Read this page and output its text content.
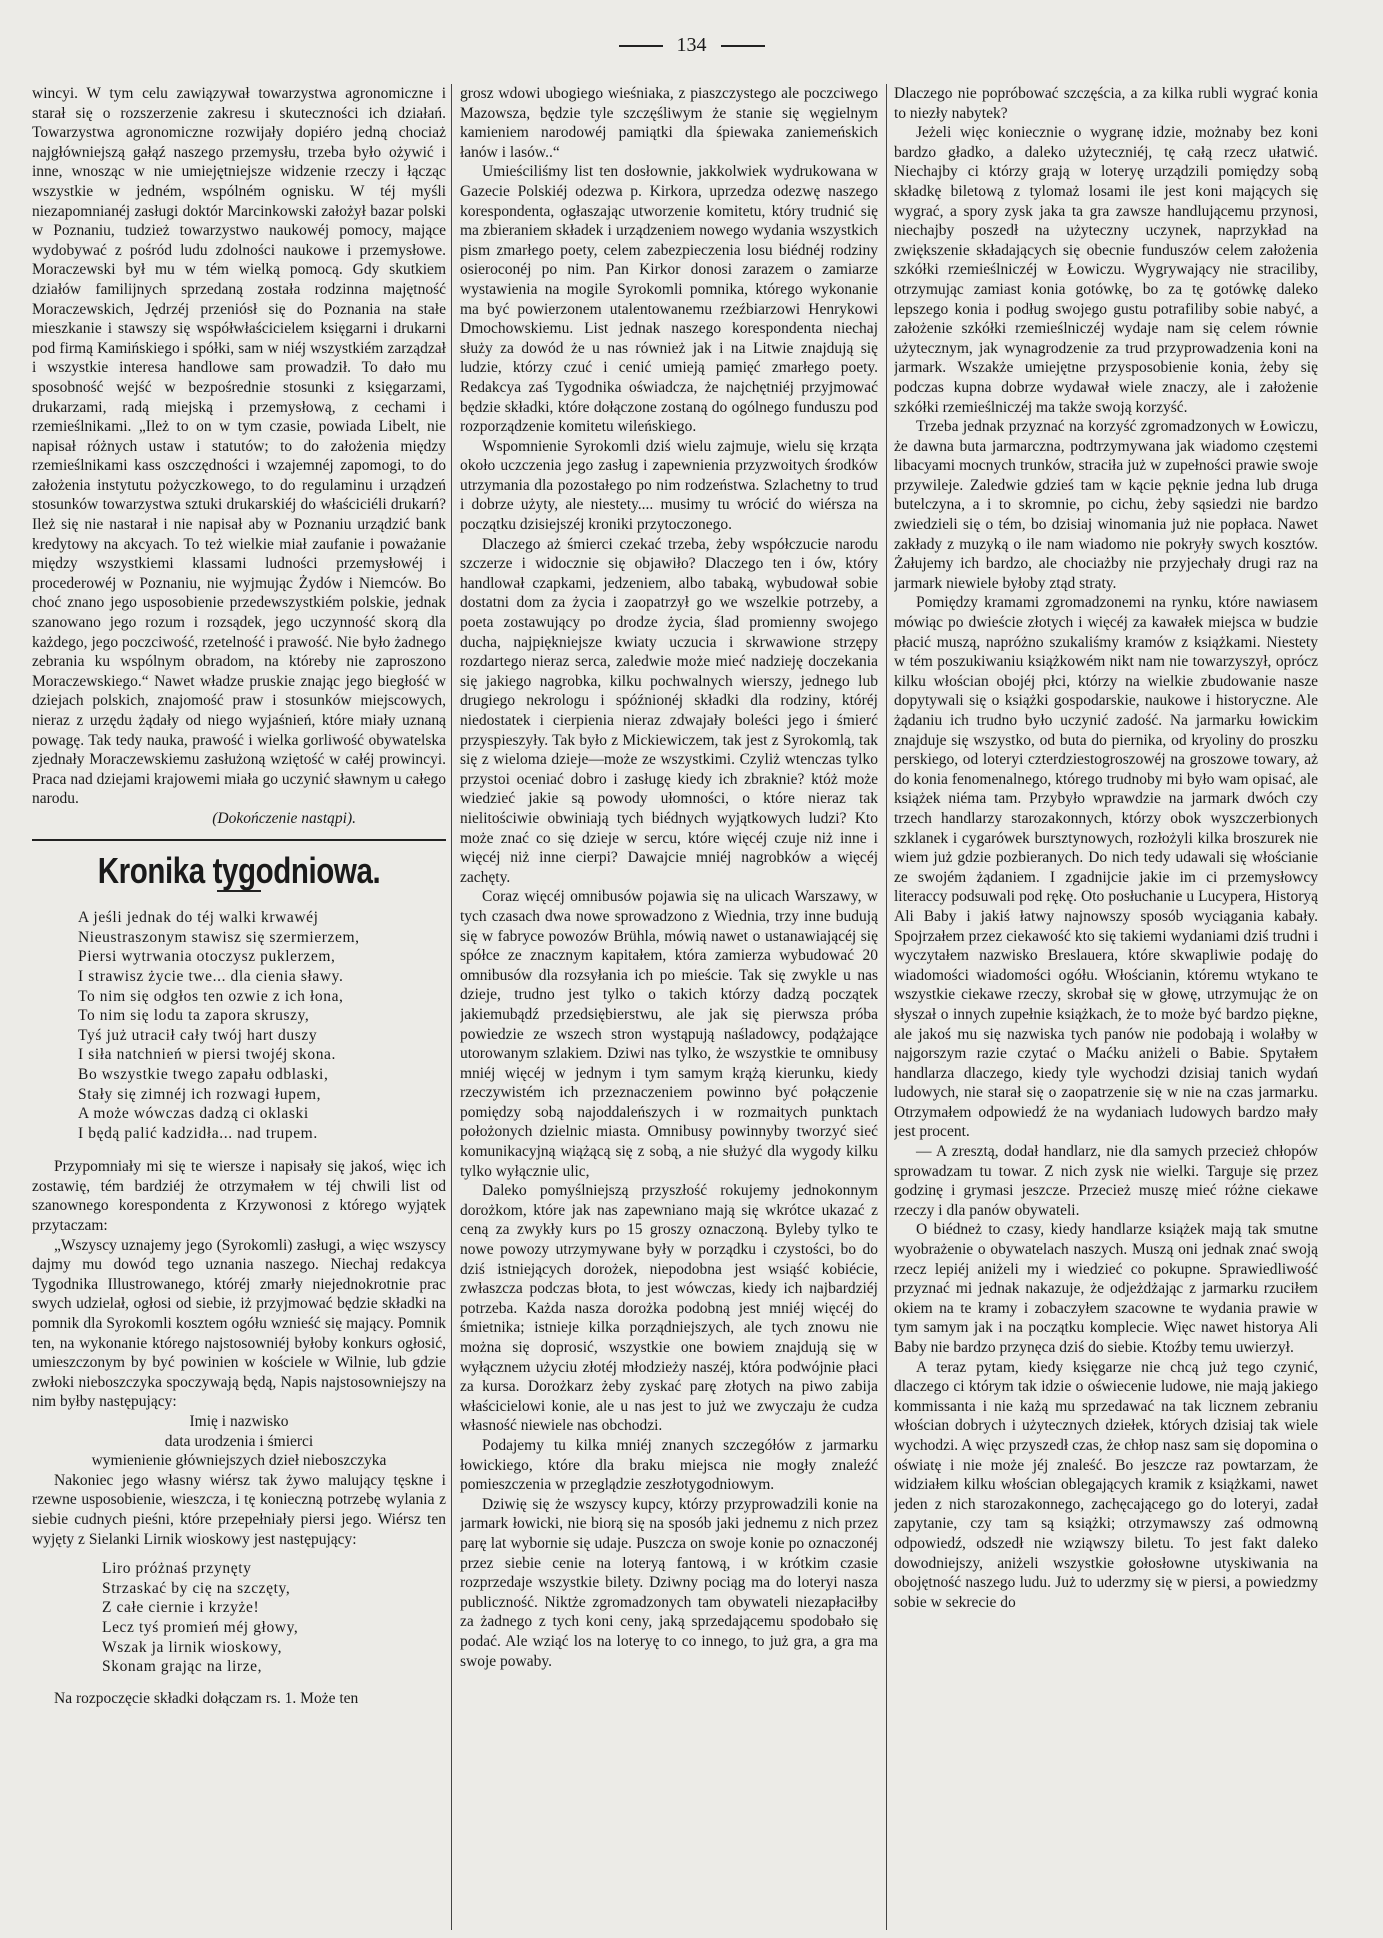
134

wincyi. W tym celu zawiązywał towarzystwa agronomiczne i starał się o rozszerzenie zakresu i skuteczności ich działań. Towarzystwa agronomiczne rozwijały dopiéro jedną chociaż najgłówniejszą gałąź naszego przemysłu, trzeba było ożywić i inne, wnosząc w nie umiejętniejsze widzenie rzeczy i łącząc wszystkie w jedném, wspólném ognisku. W téj myśli niezapomnianéj zasługi doktór Marcinkowski założył bazar polski w Poznaniu, tudzież towarzystwo naukowéj pomocy, mające wydobywać z pośród ludu zdolności naukowe i przemysłowe. Moraczewski był mu w tém wielką pomocą. Gdy skutkiem działów familijnych sprzedaną została rodzinna majętność Moraczewskich, Jędrzéj przeniósł się do Poznania na stałe mieszkanie i stawszy się współwłaścicielem księgarni i drukarni pod firmą Kamińskiego i spółki, sam w niéj wszystkiém zarządzał i wszystkie interesa handlowe sam prowadził. To dało mu sposobność wejść w bezpośrednie stosunki z księgarzami, drukarzami, radą miejską i przemysłową, z cechami i rzemieślnikami. „Ileż to on w tym czasie, powiada Libelt, nie napisał różnych ustaw i statutów; to do założenia między rzemieślnikami kass oszczędności i wzajemnéj zapomogi, to do założenia instytutu pożyczkowego, to do regulaminu i urządzeń stosunków towarzystwa sztuki drukarskiéj do właściciéli drukarń? Ileż się nie nastarał i nie napisał aby w Poznaniu urządzić bank kredytowy na akcyach. To też wielkie miał zaufanie i poważanie między wszystkiemi klassami ludności przemysłowéj i procederowéj w Poznaniu, nie wyjmując Żydów i Niemców. Bo choć znano jego usposobienie przedewszystkiém polskie, jednak szanowano jego rozum i rozsądek, jego uczynność skorą dla każdego, jego poczciwość, rzetelność i prawość. Nie było żadnego zebrania ku wspólnym obradom, na któreby nie zaproszono Moraczewskiego.“ Nawet władze pruskie znając jego biegłość w dziejach polskich, znajomość praw i stosunków miejscowych, nieraz z urzędu żądały od niego wyjaśnień, które miały uznaną powagę. Tak tedy nauka, prawość i wielka gorliwość obywatelska zjednały Moraczewskiemu zasłużoną wziętość w całéj prowincyi. Praca nad dziejami krajowemi miała go uczynić sławnym u całego narodu.

(Dokończenie nastąpi).

Kronika tygodniowa.
A jeśli jednak do téj walki krwawéj
Nieustraszonym stawisz się szermierzem,
Piersi wytrwania otoczysz puklerzem,
I strawisz życie twe... dla cienia sławy.
To nim się odgłos ten ozwie z ich łona,
To nim się lodu ta zapora skruszy,
Tyś już utracił cały twój hart duszy
I siła natchnień w piersi twojéj skona.
Bo wszystkie twego zapału odblaski,
Stały się zimnéj ich rozwagi łupem,
A może wówczas dadzą ci oklaski
I będą palić kadzidła... nad trupem.

Przypomniały mi się te wiersze i napisały się jakoś, więc ich zostawię, tém bardziéj że otrzymałem w téj chwili list od szanownego korespondenta z Krzywonosi z którego wyjątek przytaczam:

„Wszyscy uznajemy jego (Syrokomli) zasługi, a więc wszyscy dajmy mu dowód tego uznania naszego. Niechaj redakcya Tygodnika Illustrowanego, któréj zmarły niejednokrotnie prac swych udzielał, ogłosi od siebie, iż przyjmować będzie składki na pomnik dla Syrokomli kosztem ogółu wznieść się mający. Pomnik ten, na wykonanie którego najstosowniéj byłoby konkurs ogłosić, umieszczonym by być powinien w kościele w Wilnie, lub gdzie zwłoki nieboszczyka spoczywają będą, Napis najstosowniejszy na nim byłby następujący:

Imię i nazwisko
data urodzenia i śmierci
wymienienie główniejszych dzieł nieboszczyka

Nakoniec jego własny wiérsz tak żywo malujący tęskne i rzewne usposobienie, wieszcza, i tę konieczną potrzebę wylania z siebie cudnych pieśni, które przepełniały piersi jego. Wiérsz ten wyjęty z Sielanki Lirnik wioskowy jest następujący:

Liro próżnaś przynęty
Strzaskać by cię na szczęty,
Z całe ciernie i krzyże!
Lecz tyś promień méj głowy,
Wszak ja lirnik wioskowy,
Skonam grając na lirze,

Na rozpoczęcie składki dołączam rs. 1. Może ten

grosz wdowi ubogiego wieśniaka, z piaszczystego ale poczciwego Mazowsza, będzie tyle szczęśliwym że stanie się węgielnym kamieniem narodowéj pamiątki dla śpiewaka zaniemeńskich łanów i lasów..“

Umieściliśmy list ten dosłownie, jakkolwiek wydrukowana w Gazecie Polskiéj odezwa p. Kirkora, uprzedza odezwę naszego korespondenta, ogłaszając utworzenie komitetu, który trudnić się ma zbieraniem składek i urządzeniem nowego wydania wszystkich pism zmarłego poety, celem zabezpieczenia losu biédnéj rodziny osieroconéj po nim. Pan Kirkor donosi zarazem o zamiarze wystawienia na mogile Syrokomli pomnika, którego wykonanie ma być powierzonem utalentowanemu rzeźbiarzowi Henrykowi Dmochowskiemu. List jednak naszego korespondenta niechaj służy za dowód że u nas również jak i na Litwie znajdują się ludzie, którzy czuć i cenić umieją pamięć zmarłego poety. Redakcya zaś Tygodnika oświadcza, że najchętniéj przyjmować będzie składki, które dołączone zostaną do ogólnego funduszu pod rozporządzenie komitetu wileńskiego.

Wspomnienie Syrokomli dziś wielu zajmuje, wielu się krząta około uczczenia jego zasług i zapewnienia przyzwoitych środków utrzymania dla pozostałego po nim rodzeństwa. Szlachetny to trud i dobrze użyty, ale niestety.... musimy tu wrócić do wiérsza na początku dzisiejszéj kroniki przytoczonego.

Dlaczego aż śmierci czekać trzeba, żeby współczucie narodu szczerze i widocznie się objawiło? Dlaczego ten i ów, który handlował czapkami, jedzeniem, albo tabaką, wybudował sobie dostatni dom za życia i zaopatrzył go we wszelkie potrzeby, a poeta zostawujący po drodze życia, ślad promienny swojego ducha, najpiękniejsze kwiaty uczucia i skrwawione strzępy rozdartego nieraz serca, zaledwie może mieć nadzieję doczekania się jakiego nagrobka, kilku pochwalnych wierszy, jednego lub drugiego nekrologu i spóźnionéj składki dla rodziny, któréj niedostatek i cierpienia nieraz zdwajały boleści jego i śmierć przyspieszyły. Tak było z Mickiewiczem, tak jest z Syrokomlą, tak się z wieloma dzieje—może ze wszystkimi. Czyliż wtenczas tylko przystoi oceniać dobro i zasługę kiedy ich zbraknie? któż może wiedzieć jakie są powody ułomności, o które nieraz tak nielitościwie obwiniają tych biédnych wyjątkowych ludzi? Kto może znać co się dzieje w sercu, które więcéj czuje niż inne i więcéj niż inne cierpi? Dawajcie mniéj nagrobków a więcéj zachęty.

Coraz więcéj omnibusów pojawia się na ulicach Warszawy, w tych czasach dwa nowe sprowadzono z Wiednia, trzy inne budują się w fabryce powozów Brühla, mówią nawet o ustanawiającéj się spółce ze znacznym kapitałem, która zamierza wybudować 20 omnibusów dla rozsyłania ich po mieście. Tak się zwykle u nas dzieje, trudno jest tylko o takich którzy dadzą początek jakiemubądź przedsiębierstwu, ale jak się pierwsza próba powiedzie ze wszech stron wystąpują naśladowcy, podążające utorowanym szlakiem. Dziwi nas tylko, że wszystkie te omnibusy mniéj więcéj w jednym i tym samym krążą kierunku, kiedy rzeczywistém ich przeznaczeniem powinno być połączenie pomiędzy sobą najoddaleńszych i w rozmaitych punktach położonych dzielnic miasta. Omnibusy powinnyby tworzyć sieć komunikacyjną wiążącą się z sobą, a nie służyć dla wygody kilku tylko wyłącznie ulic,

Daleko pomyślniejszą przyszłość rokujemy jednokonnym dorożkom, które jak nas zapewniano mają się wkrótce ukazać z ceną za zwykły kurs po 15 groszy oznaczoną. Byleby tylko te nowe powozy utrzymywane były w porządku i czystości, bo do dziś istniejących dorożek, niepodobna jest wsiąść kobiécie, zwłaszcza podczas błota, to jest wówczas, kiedy ich najbardziéj potrzeba. Każda nasza dorożka podobną jest mniéj więcéj do śmietnika; istnieje kilka porządniejszych, ale tych znowu nie można się doprosić, wszystkie one bowiem znajdują się w wyłącznem użyciu złotéj młodzieży naszéj, która podwójnie płaci za kursa. Dorożkarz żeby zyskać parę złotych na piwo zabija właścicielowi konie, ale u nas jest to już we zwyczaju że cudza własność niewiele nas obchodzi.

Podajemy tu kilka mniéj znanych szczegółów z jarmarku łowickiego, które dla braku miejsca nie mogły znaleźć pomieszczenia w przeglądzie zeszłotygodniowym.

Dziwię się że wszyscy kupcy, którzy przyprowadzili konie na jarmark łowicki, nie biorą się na sposób jaki jednemu z nich przez parę lat wybornie się udaje. Puszcza on swoje konie po oznaczonéj przez siebie cenie na loteryą fantową, i w krótkim czasie rozprzedaje wszystkie bilety. Dziwny pociąg ma do loteryi nasza publiczność. Niktże zgromadzonych tam obywateli niezapłaciłby za żadnego z tych koni ceny, jaką sprzedającemu spodobało się podać. Ale wziąć los na loteryę to co innego, to już gra, a gra ma swoje powaby.

Dlaczego nie popróbować szczęścia, a za kilka rubli wygrać konia to niezły nabytek?

Jeżeli więc koniecznie o wygranę idzie, możnaby bez koni bardzo gładko, a daleko użyteczniéj, tę całą rzecz ułatwić. Niechajby ci którzy grają w loteryę urządzili pomiędzy sobą składkę biletową z tylomaż losami ile jest koni mających się wygrać, a spory zysk jaka ta gra zawsze handlującemu przynosi, niechajby poszedł na użyteczny uczynek, naprzykład na zwiększenie składających się obecnie funduszów celem założenia szkółki rzemieślniczéj w Łowiczu. Wygrywający nie straciliby, otrzymując zamiast konia gotówkę, bo za tę gotówkę daleko lepszego konia i podług swojego gustu potrafiliby sobie nabyć, a założenie szkółki rzemieślniczéj wydaje nam się celem równie użytecznym, jak wynagrodzenie za trud przyprowadzenia koni na jarmark. Wszakże umiejętne przysposobienie konia, żeby się podczas kupna dobrze wydawał wiele znaczy, ale i założenie szkółki rzemieślniczéj ma także swoją korzyść.

Trzeba jednak przyznać na korzyść zgromadzonych w Łowiczu, że dawna buta jarmarczna, podtrzymywana jak wiadomo częstemi libacyami mocnych trunków, straciła już w zupełności prawie swoje przywileje. Zaledwie gdzieś tam w kącie pęknie jedna lub druga butelczyna, a i to skromnie, po cichu, żeby sąsiedzi nie bardzo zwiedzieli się o tém, bo dzisiaj winomania już nie popłaca. Nawet zakłady z muzyką o ile nam wiadomo nie pokryły swych kosztów. Żałujemy ich bardzo, ale chociażby nie przyjechały drugi raz na jarmark niewiele byłoby ztąd straty.

Pomiędzy kramami zgromadzonemi na rynku, które nawiasem mówiąc po dwieście złotych i więcéj za kawałek miejsca w budzie płacić muszą, napróżno szukaliśmy kramów z książkami. Niestety w tém poszukiwaniu książkowém nikt nam nie towarzyszył, oprócz kilku włościan obojéj płci, którzy na wielkie zbudowanie nasze dopytywali się o książki gospodarskie, naukowe i historyczne. Ale żądaniu ich trudno było uczynić zadość. Na jarmarku łowickim znajduje się wszystko, od buta do piernika, od kryoliny do proszku perskiego, od loteryi czterdziestogroszowéj na groszowe towary, aż do konia fenomenalnego, którego trudnoby mi było wam opisać, ale książek niéma tam. Przybyło wprawdzie na jarmark dwóch czy trzech handlarzy starozakonnych, którzy obok wyszczerbionych szklanek i cygarówek bursztynowych, rozłożyli kilka broszurek nie wiem już gdzie pozbieranych. Do nich tedy udawali się włościanie ze swojém żądaniem. I zgadnijcie jakie im ci przemysłowcy literaccy podsuwali pod rękę. Oto posłuchanie u Lucypera, Historyą Ali Baby i jakiś łatwy najnowszy sposób wyciągania kabały. Spojrzałem przez ciekawość kto się takiemi wydaniami dziś trudni i wyczytałem nazwisko Breslauera, które skwapliwie podaję do wiadomości wiadomości ogółu. Włościanin, któremu wtykano te wszystkie ciekawe rzeczy, skrobał się w głowę, utrzymując że on słyszał o innych zupełnie książkach, że to może być bardzo piękne, ale jakoś mu się nazwiska tych panów nie podobają i wolałby w najgorszym razie czytać o Maćku aniżeli o Babie. Spytałem handlarza dlaczego, kiedy tyle wychodzi dzisiaj tanich wydań ludowych, nie starał się o zaopatrzenie się w nie na czas jarmarku. Otrzymałem odpowiedź że na wydaniach ludowych bardzo mały jest procent.

— A zresztą, dodał handlarz, nie dla samych przecież chłopów sprowadzam tu towar. Z nich zysk nie wielki. Targuje się przez godzinę i grymasi jeszcze. Przecież muszę mieć różne ciekawe rzeczy i dla panów obywateli.

O biédneż to czasy, kiedy handlarze książek mają tak smutne wyobrażenie o obywatelach naszych. Muszą oni jednak znać swoją rzecz lepiéj aniżeli my i wiedzieć co pokupne. Sprawiedliwość przyznać mi jednak nakazuje, że odjeżdżając z jarmarku rzuciłem okiem na te kramy i zobaczyłem szacowne te wydania prawie w tym samym jak i na początku komplecie. Więc nawet historya Ali Baby nie bardzo przynęca dziś do siebie. Ktoźby temu uwierzył.

A teraz pytam, kiedy księgarze nie chcą już tego czynić, dlaczego ci którym tak idzie o oświecenie ludowe, nie mają jakiego kommissanta i nie każą mu sprzedawać na tak licznem zebraniu włościan dobrych i użytecznych dziełek, których dzisiaj tak wiele wychodzi. A więc przyszedł czas, że chłop nasz sam się dopomina o oświatę i nie może jéj znaleść. Bo jeszcze raz powtarzam, że widziałem kilku włościan oblegających kramik z książkami, nawet jeden z nich starozakonnego, zachęcającego go do loteryi, zadał zapytanie, czy tam są książki; otrzymawszy zaś odmowną odpowiedź, odszedł nie wziąwszy biletu. To jest fakt daleko dowodniejszy, aniżeli wszystkie gołosłowne utyskiwania na obojętność naszego ludu. Już to uderzmy się w piersi, a powiedzmy sobie w sekrecie do
